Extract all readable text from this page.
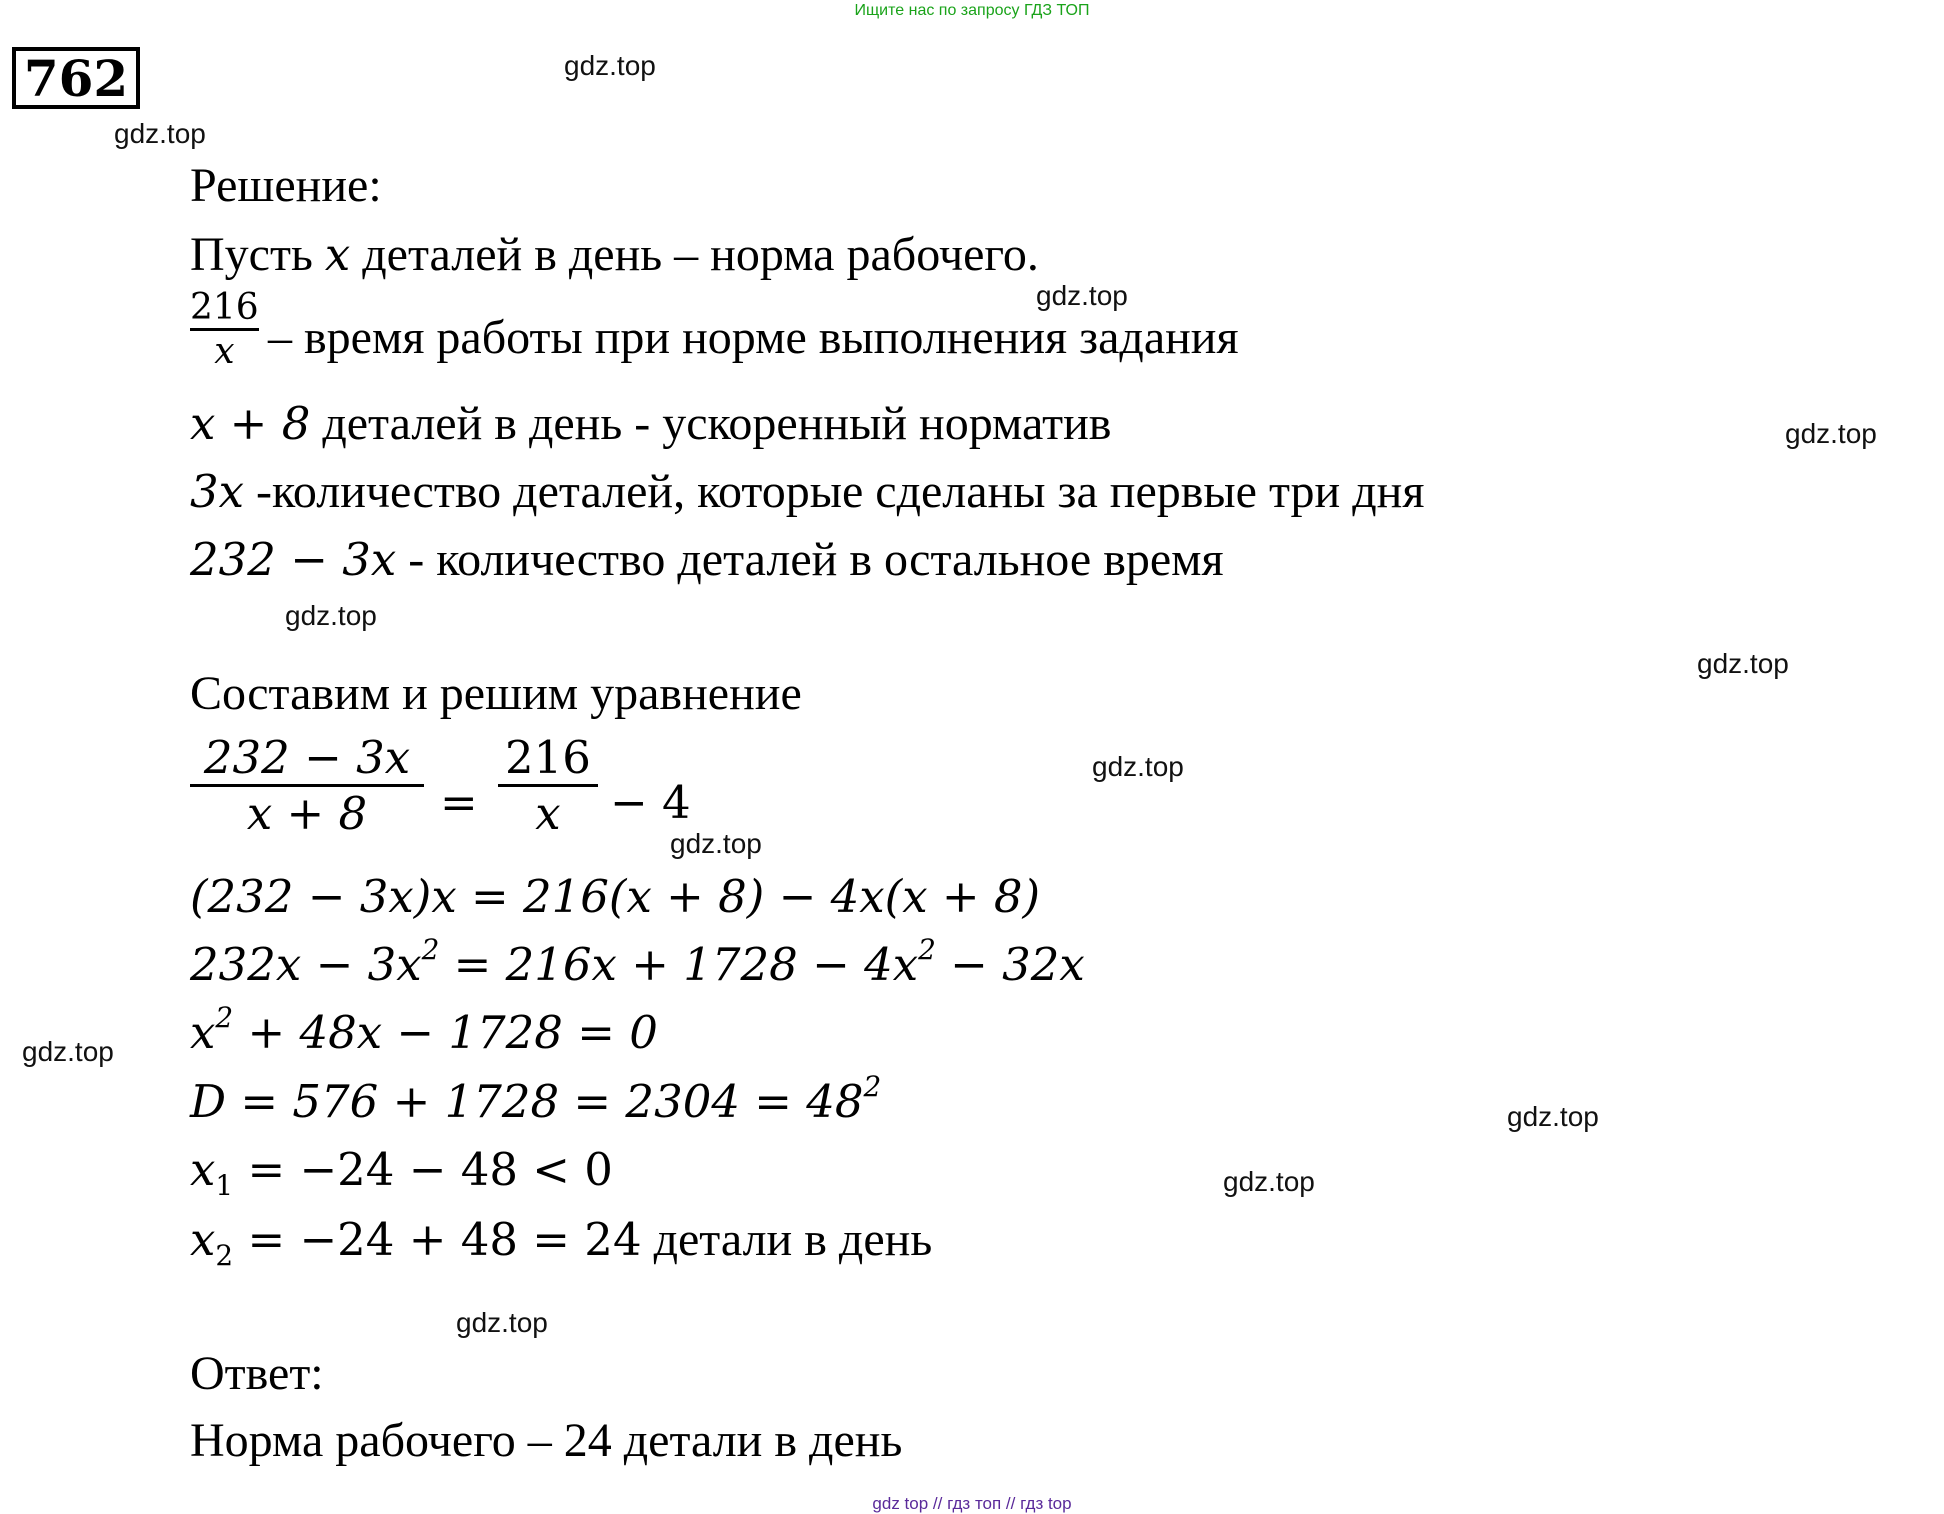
Ищите нас по запросу ГДЗ ТОП
762	gdz.top
gdz.top
gdz.top
gdz.top
gdz.top
gdz.top
gdz.top
gdz.top
gdz.top
gdz.top
gdz.top
gdz.top
Решение:
Пусть x деталей в день – норма рабочего.
216
x – время работы при норме выполнения задания
x + 8 деталей в день - ускоренный норматив
3x -количество деталей, которые сделаны за первые три дня
232 − 3x - количество деталей в остальное время
Составим и решим уравнение
232 − 3x
x + 8 =
216
x − 4
(232 − 3x)x = 216(x + 8) − 4x(x + 8)
$232x - 3x^2 = 216x + 1728 - 4x^2 - 32x$
$x^2 + 48x - 1728 = 0$
$D = 576 + 1728 = 2304 = 48^2$
$x_1 = -24 - 48 < 0$
$x_2 = -24 + 48 = 24$ детали в день
Ответ:
Норма рабочего – 24 детали в день
gdz top // гдз топ // гдз top
